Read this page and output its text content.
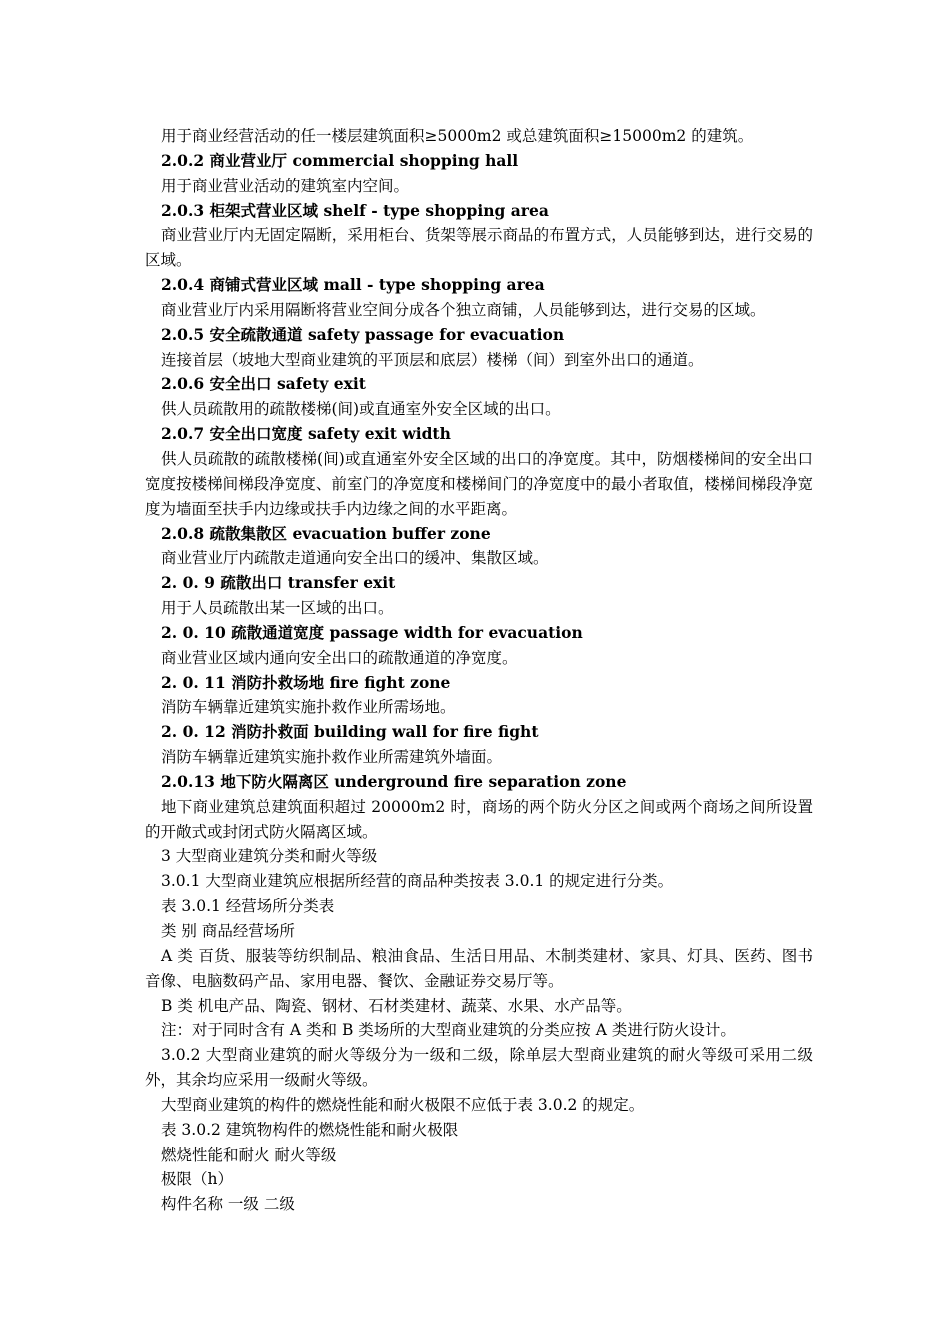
用于商业经营活动的任一楼层建筑面积≥5000m2 或总建筑面积≥15000m2 的建筑。

2.0.2 商业营业厅 commercial shopping hall

用于商业营业活动的建筑室内空间。

2.0.3 柜架式营业区域 shelf - type shopping area

商业营业厅内无固定隔断，采用柜台、货架等展示商品的布置方式，人员能够到达，进行交易的区域。

2.0.4 商铺式营业区域 mall - type shopping area

商业营业厅内采用隔断将营业空间分成各个独立商铺，人员能够到达，进行交易的区域。

2.0.5 安全疏散通道 safety passage for evacuation

连接首层（坡地大型商业建筑的平顶层和底层）楼梯（间）到室外出口的通道。

2.0.6 安全出口 safety exit

供人员疏散用的疏散楼梯(间)或直通室外安全区域的出口。

2.0.7 安全出口宽度 safety exit width

供人员疏散的疏散楼梯(间)或直通室外安全区域的出口的净宽度。其中，防烟楼梯间的安全出口宽度按楼梯间梯段净宽度、前室门的净宽度和楼梯间门的净宽度中的最小者取值，楼梯间梯段净宽度为墙面至扶手内边缘或扶手内边缘之间的水平距离。

2.0.8 疏散集散区 evacuation buffer zone

商业营业厅内疏散走道通向安全出口的缓冲、集散区域。

2. 0. 9 疏散出口 transfer exit

用于人员疏散出某一区域的出口。

2. 0. 10 疏散通道宽度 passage width for evacuation

商业营业区域内通向安全出口的疏散通道的净宽度。

2. 0. 11 消防扑救场地 fire fight zone

消防车辆靠近建筑实施扑救作业所需场地。

2. 0. 12 消防扑救面 building wall for fire fight

消防车辆靠近建筑实施扑救作业所需建筑外墙面。

2.0.13 地下防火隔离区 underground fire separation zone

地下商业建筑总建筑面积超过 20000m2 时，商场的两个防火分区之间或两个商场之间所设置的开敞式或封闭式防火隔离区域。

3 大型商业建筑分类和耐火等级

3.0.1 大型商业建筑应根据所经营的商品种类按表 3.0.1 的规定进行分类。

表 3.0.1 经营场所分类表

类 别 商品经营场所

A 类 百货、服装等纺织制品、粮油食品、生活日用品、木制类建材、家具、灯具、医药、图书音像、电脑数码产品、家用电器、餐饮、金融证券交易厅等。

B 类 机电产品、陶瓷、钢材、石材类建材、蔬菜、水果、水产品等。

注：对于同时含有 A 类和 B 类场所的大型商业建筑的分类应按 A 类进行防火设计。

3.0.2 大型商业建筑的耐火等级分为一级和二级，除单层大型商业建筑的耐火等级可采用二级外，其余均应采用一级耐火等级。

大型商业建筑的构件的燃烧性能和耐火极限不应低于表 3.0.2 的规定。

表 3.0.2 建筑物构件的燃烧性能和耐火极限

燃烧性能和耐火 耐火等级

极限（h）

构件名称 一级 二级
